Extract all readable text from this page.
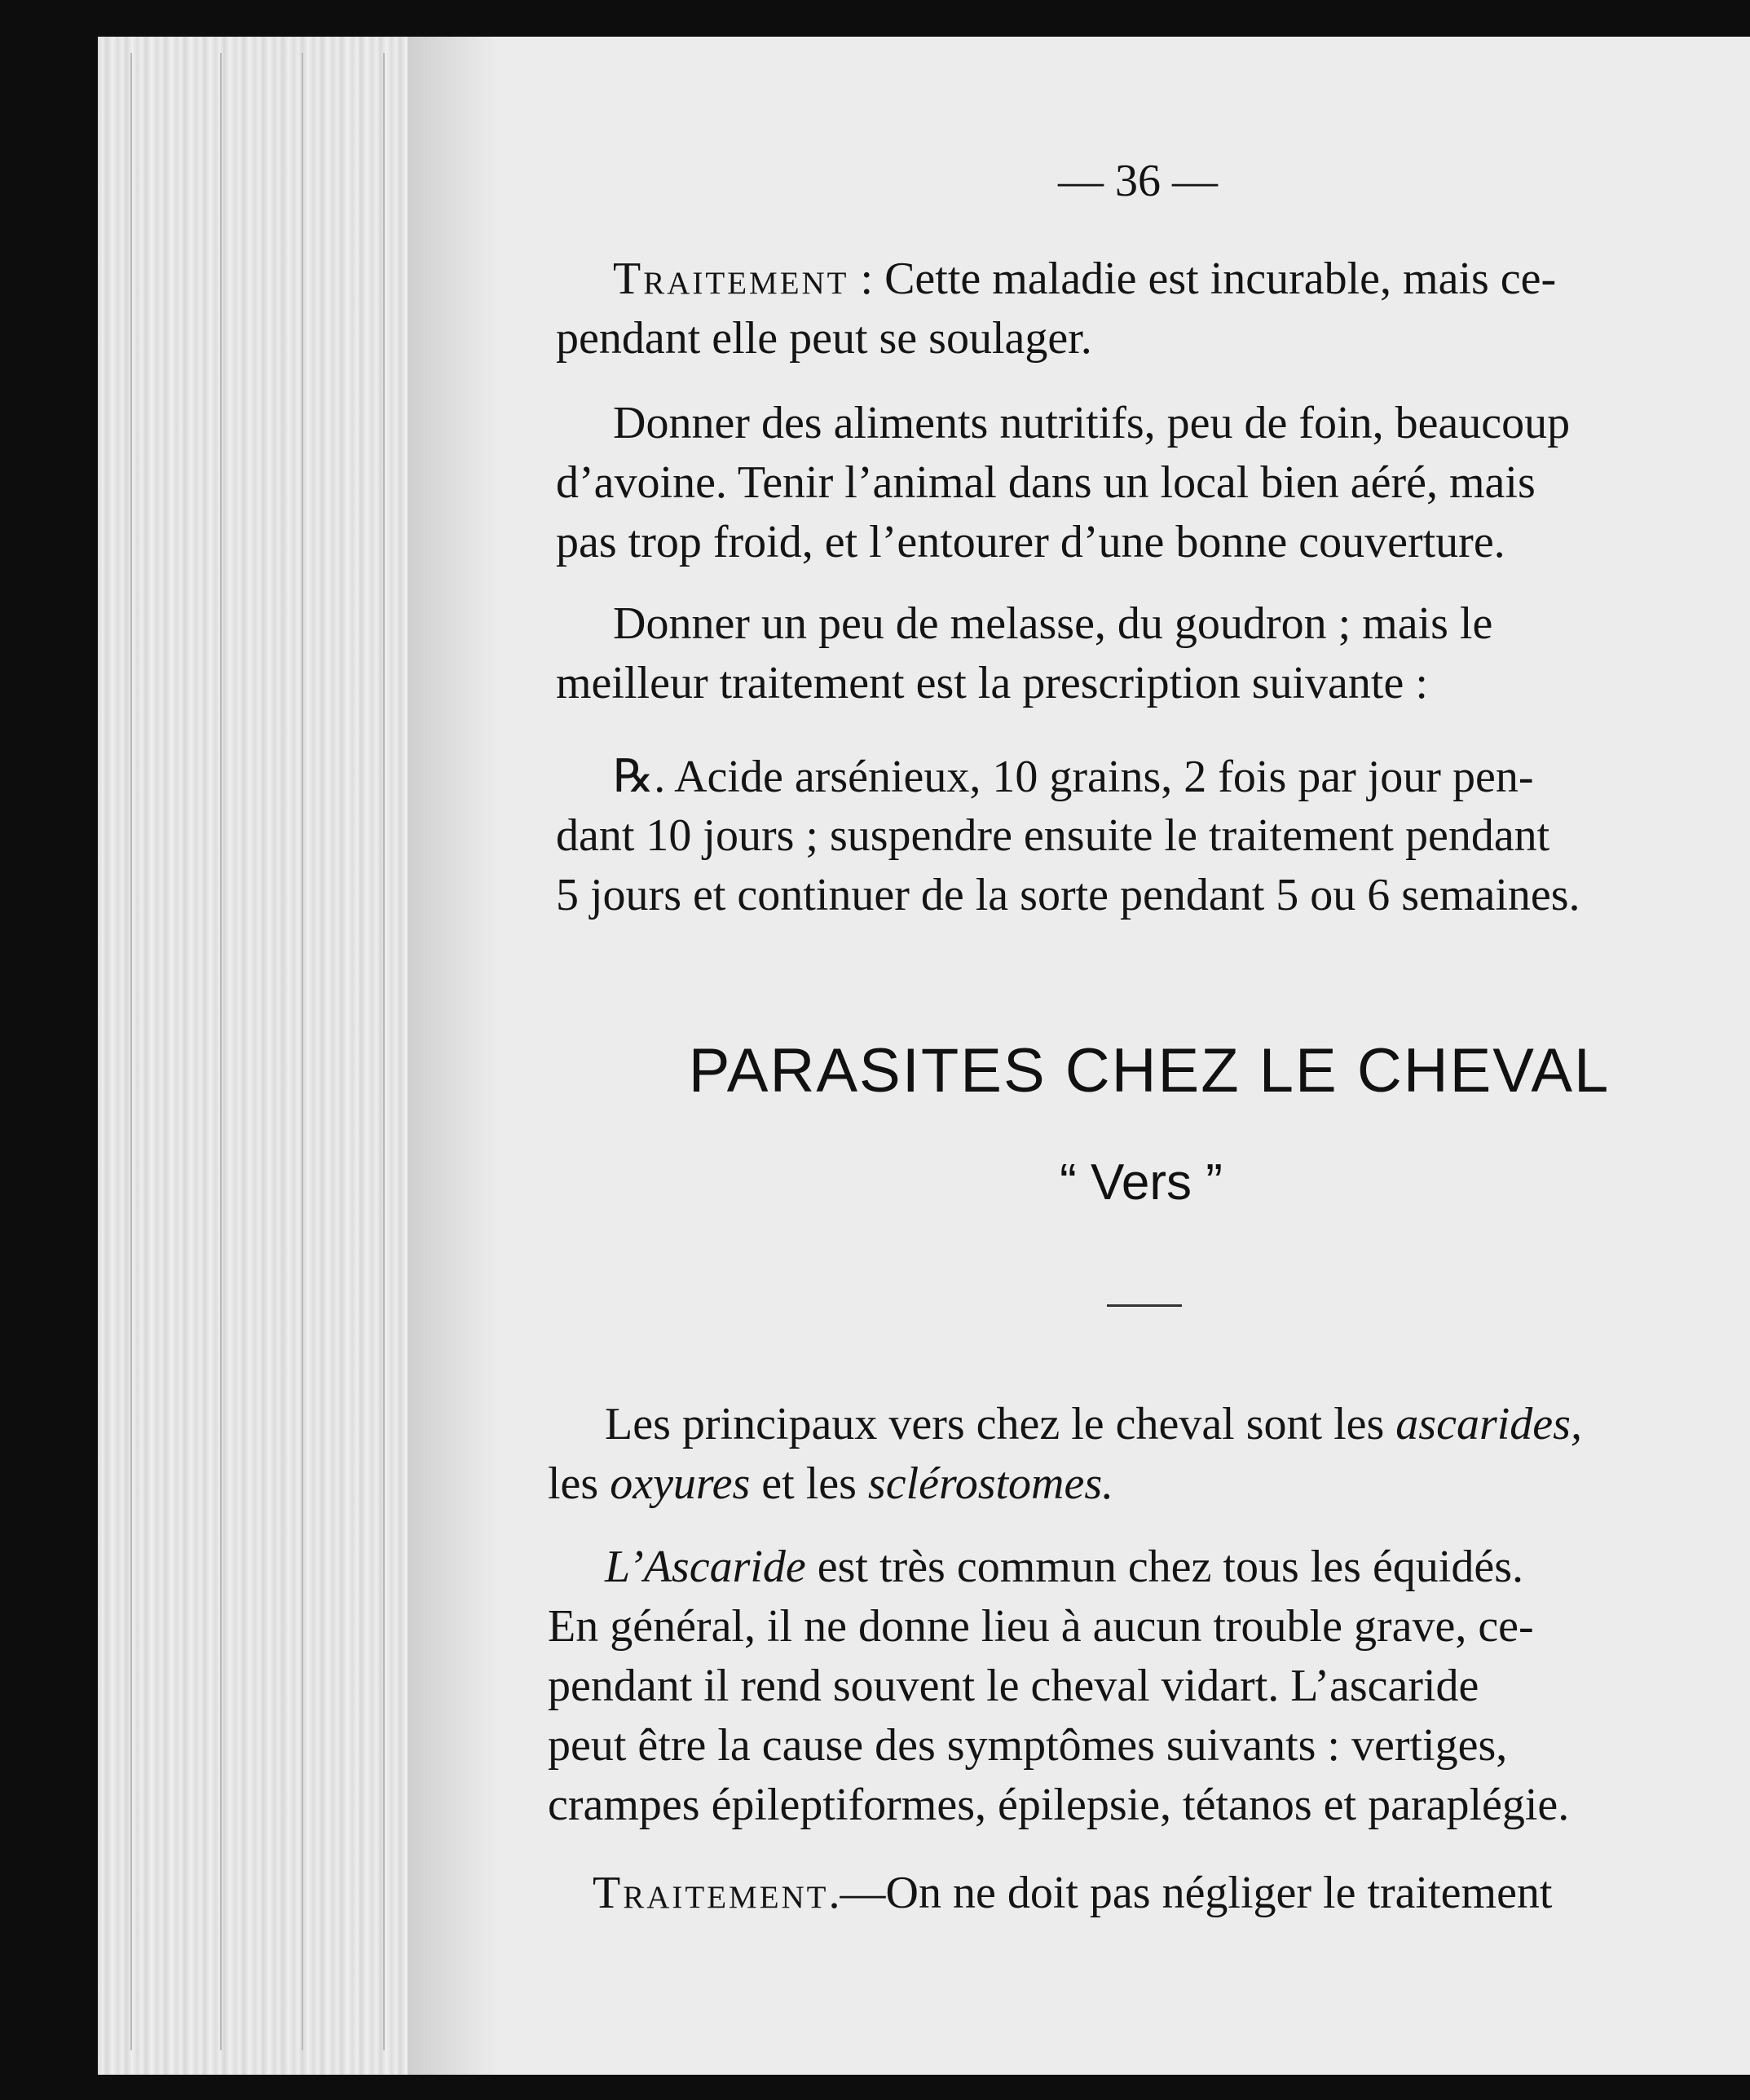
— 36 —
Traitement : Cette maladie est incurable, mais ce-
pendant elle peut se soulager.
Donner des aliments nutritifs, peu de foin, beaucoup
d’avoine. Tenir l’animal dans un local bien aéré, mais
pas trop froid, et l’entourer d’une bonne couverture.
Donner un peu de melasse, du goudron ; mais le
meilleur traitement est la prescription suivante :
℞. Acide arsénieux, 10 grains, 2 fois par jour pen-
dant 10 jours ; suspendre ensuite le traitement pendant
5 jours et continuer de la sorte pendant 5 ou 6 semaines.
PARASITES CHEZ LE CHEVAL
“ Vers ”
Les principaux vers chez le cheval sont les ascarides,
les oxyures et les sclérostomes.
L’Ascaride est très commun chez tous les équidés.
En général, il ne donne lieu à aucun trouble grave, ce-
pendant il rend souvent le cheval vidart. L’ascaride
peut être la cause des symptômes suivants : vertiges,
crampes épileptiformes, épilepsie, tétanos et paraplégie.
Traitement.—On ne doit pas négliger le traitement
